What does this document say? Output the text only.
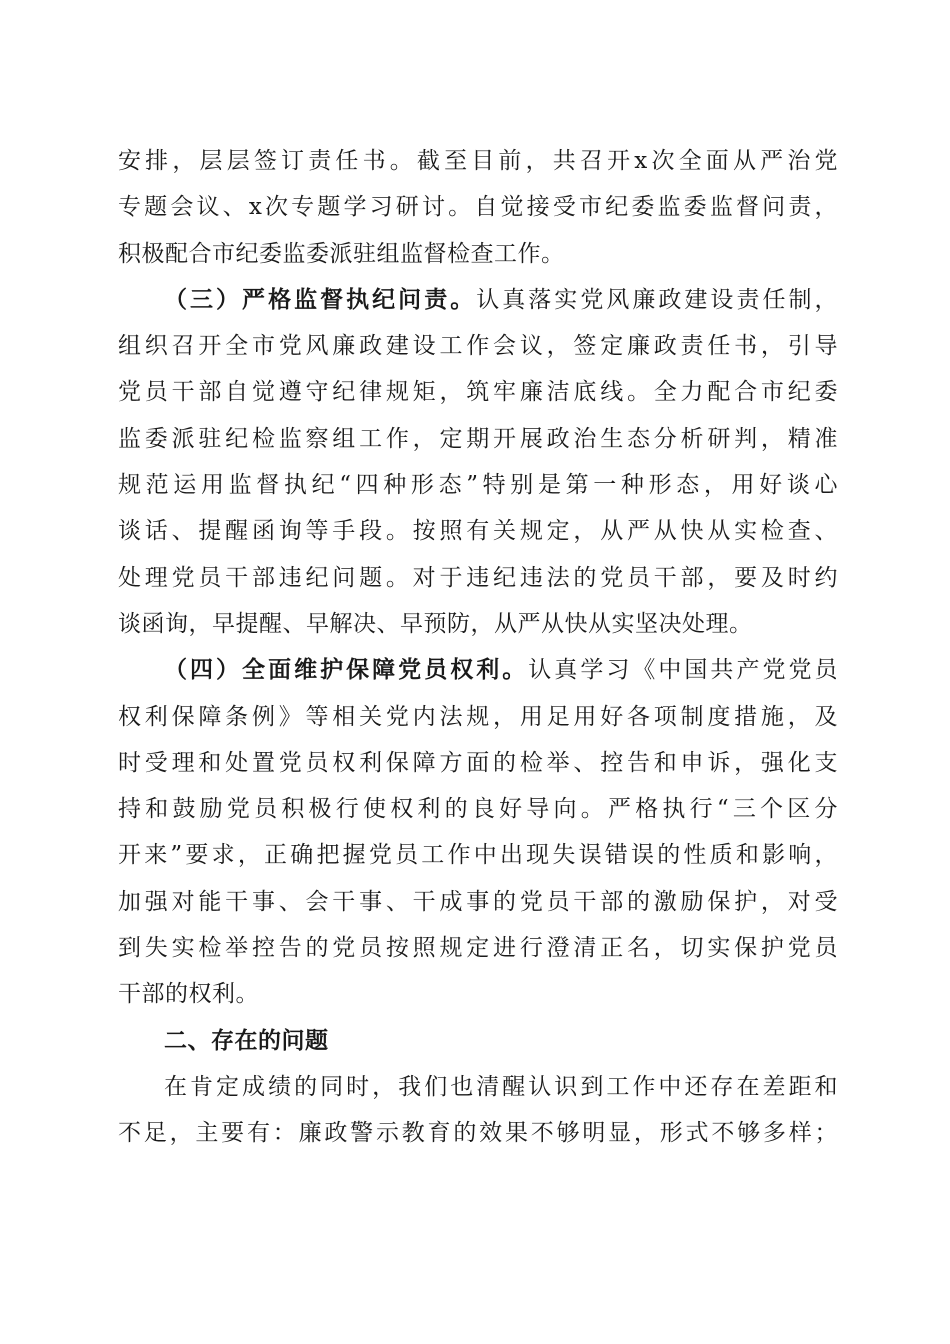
安排，层层签订责任书。截至目前，共召开x次全面从严治党
专题会议、x次专题学习研讨。自觉接受市纪委监委监督问责，
积极配合市纪委监委派驻组监督检查工作。
（三）严格监督执纪问责。认真落实党风廉政建设责任制，
组织召开全市党风廉政建设工作会议，签定廉政责任书，引导
党员干部自觉遵守纪律规矩，筑牢廉洁底线。全力配合市纪委
监委派驻纪检监察组工作，定期开展政治生态分析研判，精准
规范运用监督执纪“四种形态”特别是第一种形态，用好谈心
谈话、提醒函询等手段。按照有关规定，从严从快从实检查、
处理党员干部违纪问题。对于违纪违法的党员干部，要及时约
谈函询，早提醒、早解决、早预防，从严从快从实坚决处理。
（四）全面维护保障党员权利。认真学习《中国共产党党员
权利保障条例》等相关党内法规，用足用好各项制度措施，及
时受理和处置党员权利保障方面的检举、控告和申诉，强化支
持和鼓励党员积极行使权利的良好导向。严格执行“三个区分
开来”要求，正确把握党员工作中出现失误错误的性质和影响，
加强对能干事、会干事、干成事的党员干部的激励保护，对受
到失实检举控告的党员按照规定进行澄清正名，切实保护党员
干部的权利。
二、存在的问题
在肯定成绩的同时，我们也清醒认识到工作中还存在差距和
不足，主要有：廉政警示教育的效果不够明显，形式不够多样；
